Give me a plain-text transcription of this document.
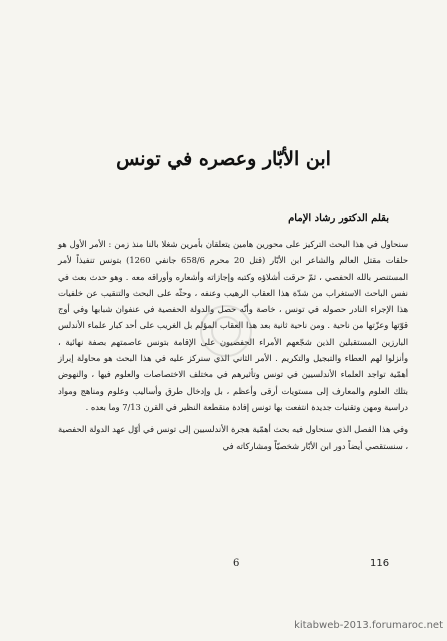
ابن الأبّار وعصره في تونس
بقلم الدكتور رشاد الإمام

سنحاول في هذا البحث التركيز على محورين هامين يتعلقان بأمرين شغلا بالنا منذ زمن : الأمر الأول هو حلقات مقتل العالم والشاعر ابن الأبّار (قتل 20 محرم 658/6 جانفي 1260) بتونس تنفيذاً لأمر المستنصر بالله الحفصي ، ثمّ حرقت أشلاؤه وكتبه وإجازاته وأشعاره وأوراقه معه . وهو حدث بعث في نفس الباحث الاستغراب من شدّة هذا العقاب الرهيب وعنفه ، وحثّه على البحث والتنقيب عن خلفيات هذا الإجراء النادر حصوله في تونس ، خاصة وأنّه حصل والدولة الحفصية في عنفوان شبابها وفي أوج قوّتها وعزّتها من ناحية . ومن ناحية ثانية بعد هذا العقاب المؤلم بل الغريب على أحد كبار علماء الأندلس البارزين المستقبلين الذين شجّعهم الأمراء الحفصيون على الإقامة بتونس عاصمتهم بصفة نهائية ، وأنزلوا لهم العطاء والتبجيل والتكريم . الأمر الثاني الذي سنركز عليه في هذا البحث هو محاولة إبراز أهمّية تواجد العلماء الأندلسيين في تونس وتأثيرهم في مختلف الاختصاصات والعلوم فيها ، والنهوض بتلك العلوم والمعارف إلى مستويات أرقى وأعظم ، بل وإدخال طرق وأساليب وعلوم ومناهج ومواد دراسية ومهن وتقنيات جديدة انتفعت بها تونس إفادة منقطعة النظير في القرن 7/13 وما بعده .

وفي هذا الفصل الذي سنحاول فيه بحث أهمّية هجرة الأندلسيين إلى تونس في أوّل عهد الدولة الحفصية ، سنستقصي أيضاً دور ابن الأبّار شخصيّاً ومشاركاته في

6	116
kitabweb-2013.forumaroc.net
